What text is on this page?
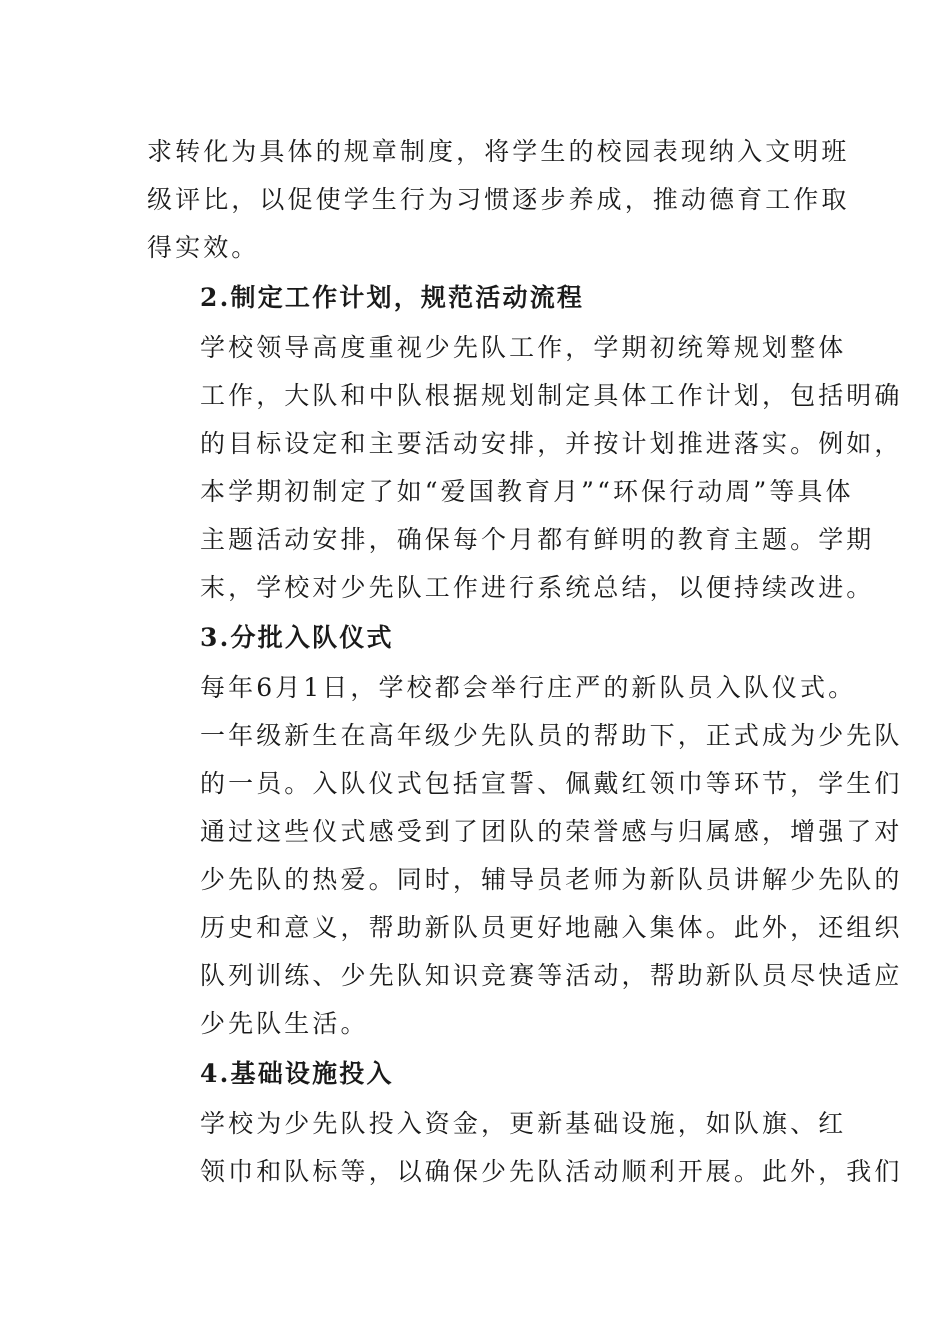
求转化为具体的规章制度，将学生的校园表现纳入文明班
级评比，以促使学生行为习惯逐步养成，推动德育工作取
得实效。

2.制定工作计划，规范活动流程

学校领导高度重视少先队工作，学期初统筹规划整体
工作，大队和中队根据规划制定具体工作计划，包括明确
的目标设定和主要活动安排，并按计划推进落实。例如，
本学期初制定了如“爱国教育月”“环保行动周”等具体
主题活动安排，确保每个月都有鲜明的教育主题。学期
末，学校对少先队工作进行系统总结，以便持续改进。

3.分批入队仪式

每年6月1日，学校都会举行庄严的新队员入队仪式。
一年级新生在高年级少先队员的帮助下，正式成为少先队
的一员。入队仪式包括宣誓、佩戴红领巾等环节，学生们
通过这些仪式感受到了团队的荣誉感与归属感，增强了对
少先队的热爱。同时，辅导员老师为新队员讲解少先队的
历史和意义，帮助新队员更好地融入集体。此外，还组织
队列训练、少先队知识竞赛等活动，帮助新队员尽快适应
少先队生活。

4.基础设施投入

学校为少先队投入资金，更新基础设施，如队旗、红
领巾和队标等，以确保少先队活动顺利开展。此外，我们
